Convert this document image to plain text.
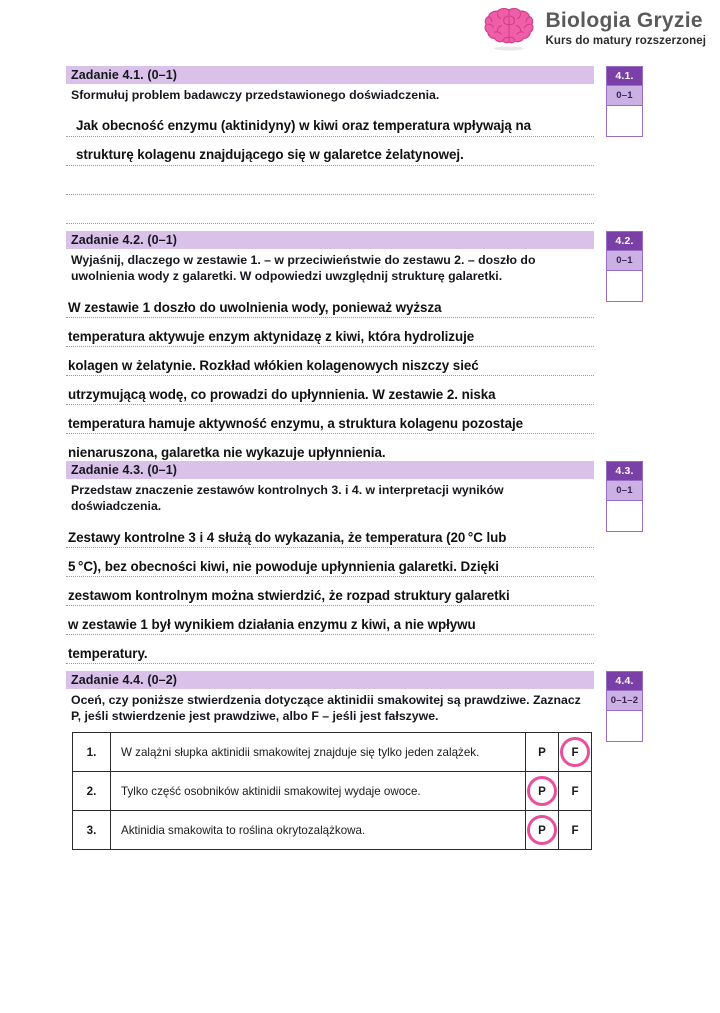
Biologia Gryzie
Kurs do matury rozszerzonej
Zadanie 4.1. (0–1)
Sformułuj problem badawczy przedstawionego doświadczenia.
Jak obecność enzymu (aktinidyny) w kiwi oraz temperatura wpływają na
strukturę kolagenu znajdującego się w galaretce żelatynowej.
4.1.
0–1
Zadanie 4.2. (0–1)
Wyjaśnij, dlaczego w zestawie 1. – w przeciwieństwie do zestawu 2. – doszło do uwolnienia wody z galaretki. W odpowiedzi uwzględnij strukturę galaretki.
W zestawie 1 doszło do uwolnienia wody, ponieważ wyższa
temperatura aktywuje enzym aktynidazę z kiwi, która hydrolizuje
kolagen w żelatynie. Rozkład włókien kolagenowych niszczy sieć
utrzymującą wodę, co prowadzi do upłynnienia. W zestawie 2. niska
temperatura hamuje aktywność enzymu, a struktura kolagenu pozostaje
nienaruszona, galaretka nie wykazuje upłynnienia.
4.2.
0–1
Zadanie 4.3. (0–1)
Przedstaw znaczenie zestawów kontrolnych 3. i 4. w interpretacji wyników doświadczenia.
Zestawy kontrolne 3 i 4 służą do wykazania, że temperatura (20 °C lub
5 °C), bez obecności kiwi, nie powoduje upłynnienia galaretki. Dzięki
zestawom kontrolnym można stwierdzić, że rozpad struktury galaretki
w zestawie 1 był wynikiem działania enzymu z kiwi, a nie wpływu
temperatury.
4.3.
0–1
Zadanie 4.4. (0–2)
Oceń, czy poniższe stwierdzenia dotyczące aktinidii smakowitej są prawdziwe. Zaznacz P, jeśli stwierdzenie jest prawdziwe, albo F – jeśli jest fałszywe.
4.4.
0–1–2
1.	W zalążni słupka aktinidii smakowitej znajduje się tylko jeden zalążek.	P	F
2.	Tylko część osobników aktinidii smakowitej wydaje owoce.	P	F
3.	Aktinidia smakowita to roślina okrytozalążkowa.	P	F
